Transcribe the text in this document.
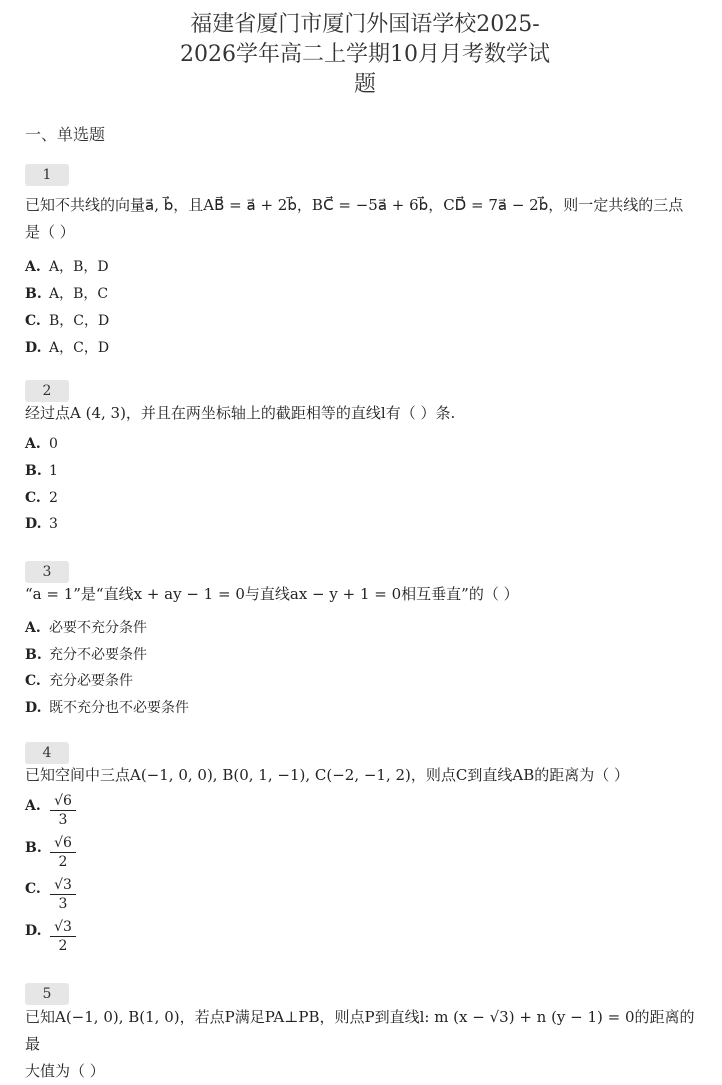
福建省厦门市厦门外国语学校2025-
2026学年高二上学期10月月考数学试
题
一、单选题
1
已知不共线的向量a⃗, b⃗，且AB⃗ = a⃗ + 2b⃗，BC⃗ = −5a⃗ + 6b⃗，CD⃗ = 7a⃗ − 2b⃗，则一定共线的三点
是（ ）
A. A，B，D
B. A，B，C
C. B，C，D
D. A，C，D
2
经过点A (4, 3)，并且在两坐标轴上的截距相等的直线l有（ ）条.
A. 0
B. 1
C. 2
D. 3
3
“a = 1”是“直线x + ay − 1 = 0与直线ax − y + 1 = 0相互垂直”的（ ）
A. 必要不充分条件
B. 充分不必要条件
C. 充分必要条件
D. 既不充分也不必要条件
4
已知空间中三点A(−1, 0, 0), B(0, 1, −1), C(−2, −1, 2)，则点C到直线AB的距离为（ ）
A. $\frac{√6}{3}$
B. $\frac{√6}{2}$
C. $\frac{√3}{3}$
D. $\frac{√3}{2}$
5
已知A(−1, 0), B(1, 0)，若点P满足PA⊥PB，则点P到直线l: m (x − √3) + n (y − 1) = 0的距离的最
大值为（ ）
